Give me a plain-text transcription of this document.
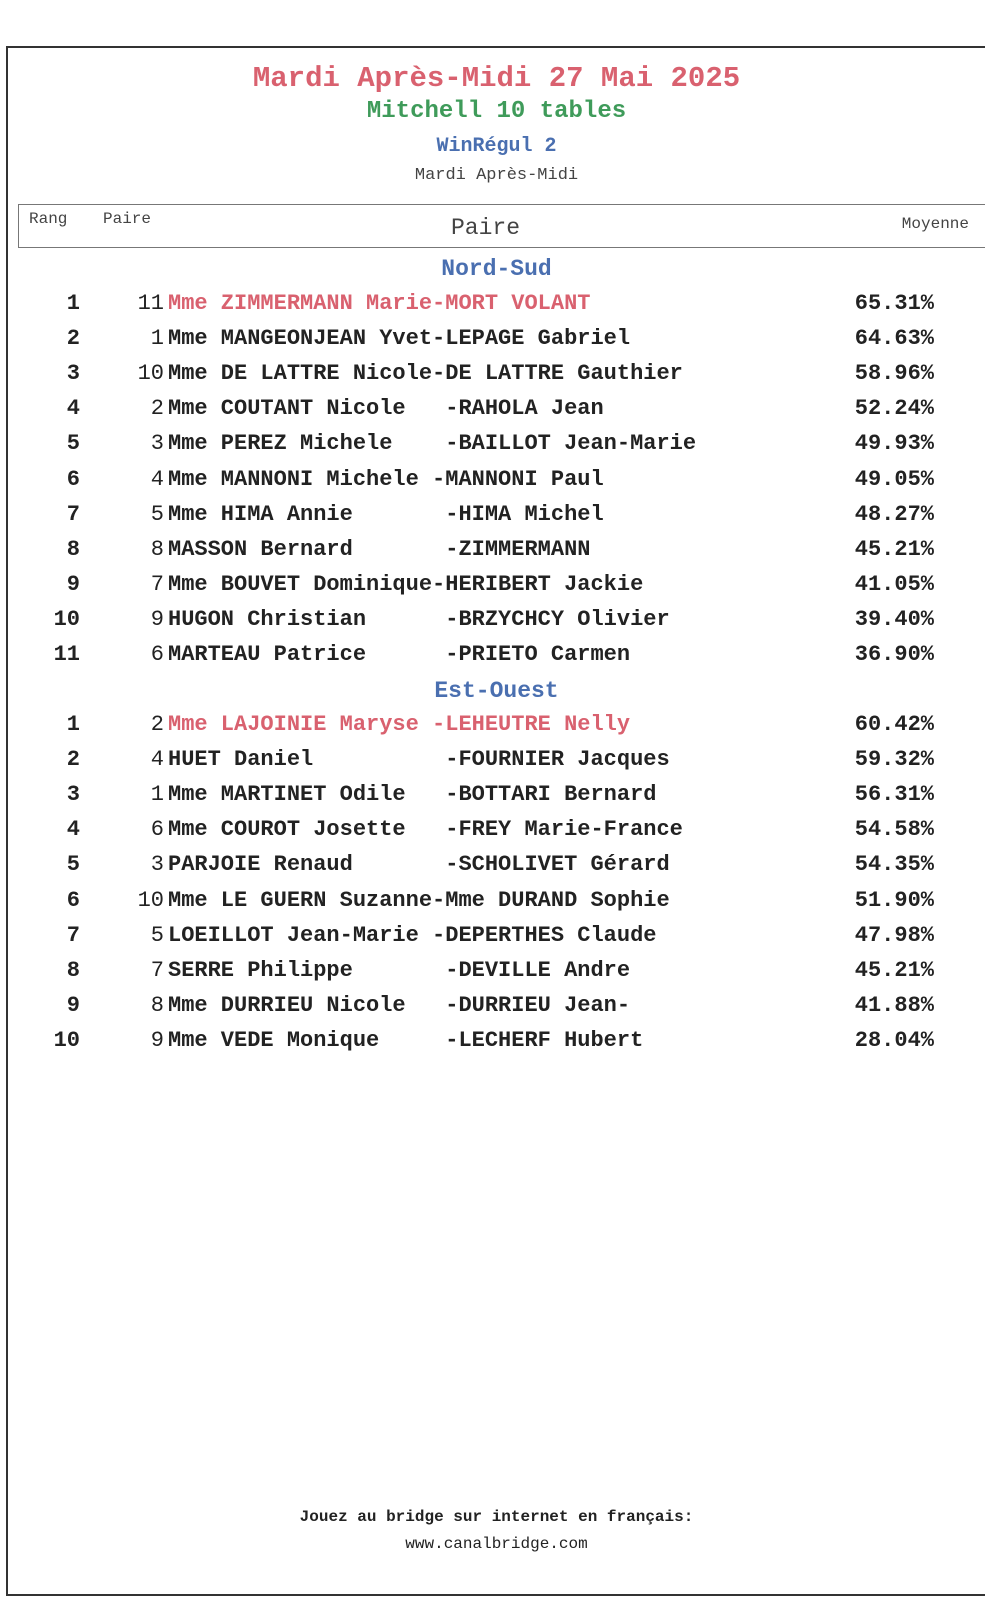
Mardi Après-Midi 27 Mai 2025
Mitchell 10 tables
WinRégul 2
Mardi Après-Midi
Rang Paire	Paire	Moyenne
Nord-Sud
1	11 Mme ZIMMERMANN Marie-MORT VOLANT	65.31%
2	1 Mme MANGEONJEAN Yvet-LEPAGE Gabriel	64.63%
3	10 Mme DE LATTRE Nicole-DE LATTRE Gauthier	58.96%
4	2 Mme COUTANT Nicole   -RAHOLA Jean	52.24%
5	3 Mme PEREZ Michele    -BAILLOT Jean-Marie	49.93%
6	4 Mme MANNONI Michele -MANNONI Paul	49.05%
7	5 Mme HIMA Annie       -HIMA Michel	48.27%
8	8 MASSON Bernard       -ZIMMERMANN	45.21%
9	7 Mme BOUVET Dominique-HERIBERT Jackie	41.05%
10	9 HUGON Christian      -BRZYCHCY Olivier	39.40%
11	6 MARTEAU Patrice      -PRIETO Carmen	36.90%
Est-Ouest
1	2 Mme LAJOINIE Maryse -LEHEUTRE Nelly	60.42%
2	4 HUET Daniel          -FOURNIER Jacques	59.32%
3	1 Mme MARTINET Odile   -BOTTARI Bernard	56.31%
4	6 Mme COUROT Josette   -FREY Marie-France	54.58%
5	3 PARJOIE Renaud       -SCHOLIVET Gérard	54.35%
6	10 Mme LE GUERN Suzanne-Mme DURAND Sophie	51.90%
7	5 LOEILLOT Jean-Marie -DEPERTHES Claude	47.98%
8	7 SERRE Philippe       -DEVILLE Andre	45.21%
9	8 Mme DURRIEU Nicole   -DURRIEU Jean-	41.88%
10	9 Mme VEDE Monique     -LECHERF Hubert	28.04%
Jouez au bridge sur internet en français:
www.canalbridge.com
